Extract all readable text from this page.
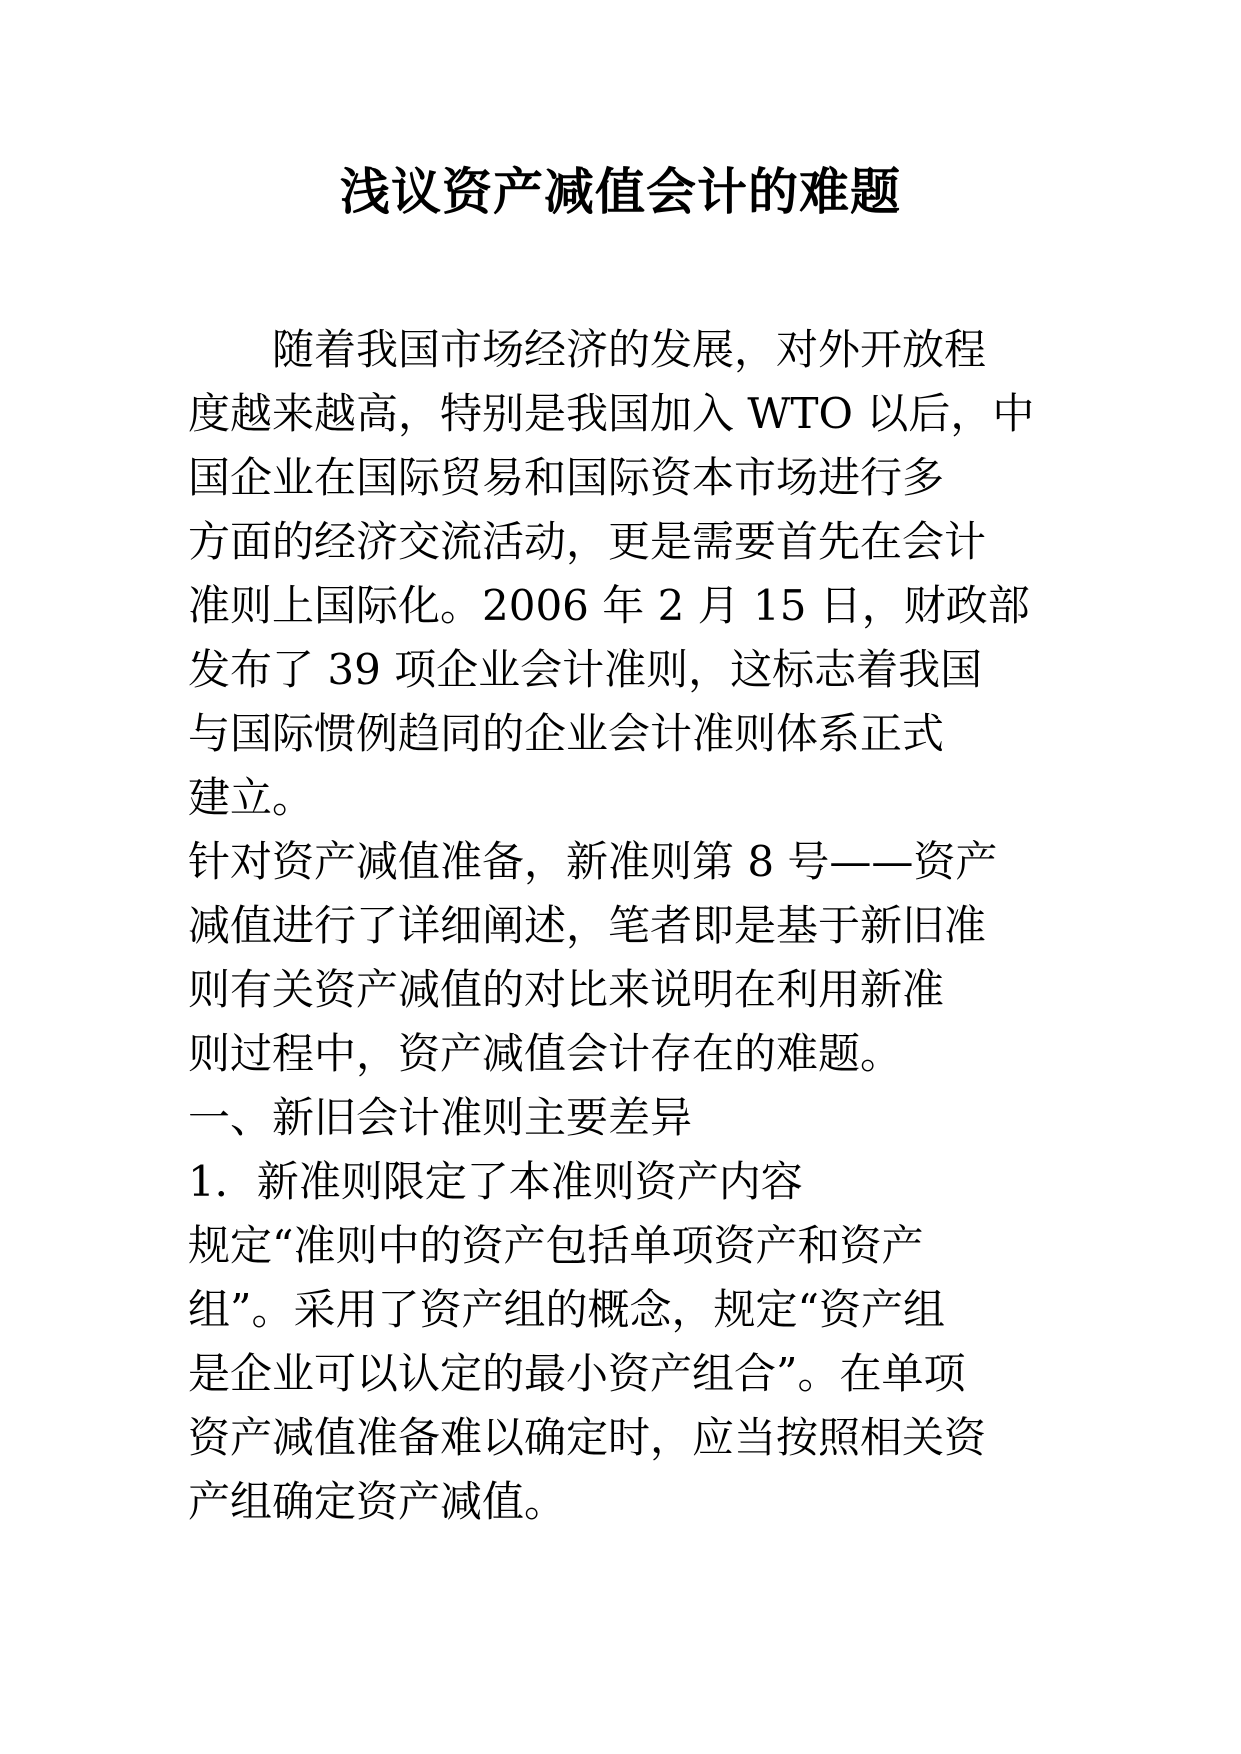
浅议资产减值会计的难题
　　随着我国市场经济的发展，对外开放程
度越来越高，特别是我国加入 WTO 以后，中
国企业在国际贸易和国际资本市场进行多
方面的经济交流活动，更是需要首先在会计
准则上国际化。2006 年 2 月 15 日，财政部
发布了 39 项企业会计准则，这标志着我国
与国际惯例趋同的企业会计准则体系正式
建立。
针对资产减值准备，新准则第 8 号——资产
减值进行了详细阐述，笔者即是基于新旧准
则有关资产减值的对比来说明在利用新准
则过程中，资产减值会计存在的难题。
一、新旧会计准则主要差异
1．新准则限定了本准则资产内容
规定“准则中的资产包括单项资产和资产
组”。采用了资产组的概念，规定“资产组
是企业可以认定的最小资产组合”。在单项
资产减值准备难以确定时，应当按照相关资
产组确定资产减值。
